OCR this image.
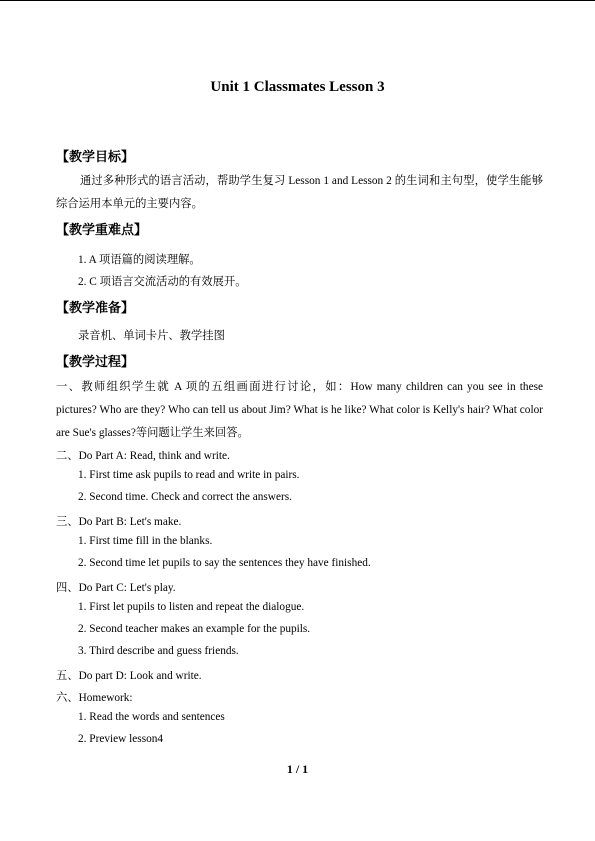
Unit 1 Classmates Lesson 3
【教学目标】
通过多种形式的语言活动，帮助学生复习 Lesson 1 and Lesson 2 的生词和主句型，使学生能够综合运用本单元的主要内容。
【教学重难点】
1. A 项语篇的阅读理解。
2. C 项语言交流活动的有效展开。
【教学准备】
录音机、单词卡片、教学挂图
【教学过程】
一、教师组织学生就 A 项的五组画面进行讨论，如：How many children can you see in these pictures? Who are they? Who can tell us about Jim? What is he like? What color is Kelly's hair? What color are Sue's glasses?等问题让学生来回答。
二、Do Part A: Read, think and write.
1. First time ask pupils to read and write in pairs.
2. Second time. Check and correct the answers.
三、Do Part B: Let's make.
1. First time fill in the blanks.
2. Second time let pupils to say the sentences they have finished.
四、Do Part C: Let's play.
1. First let pupils to listen and repeat the dialogue.
2. Second teacher makes an example for the pupils.
3. Third describe and guess friends.
五、Do part D: Look and write.
六、Homework:
1. Read the words and sentences
2. Preview lesson4
1 / 1
